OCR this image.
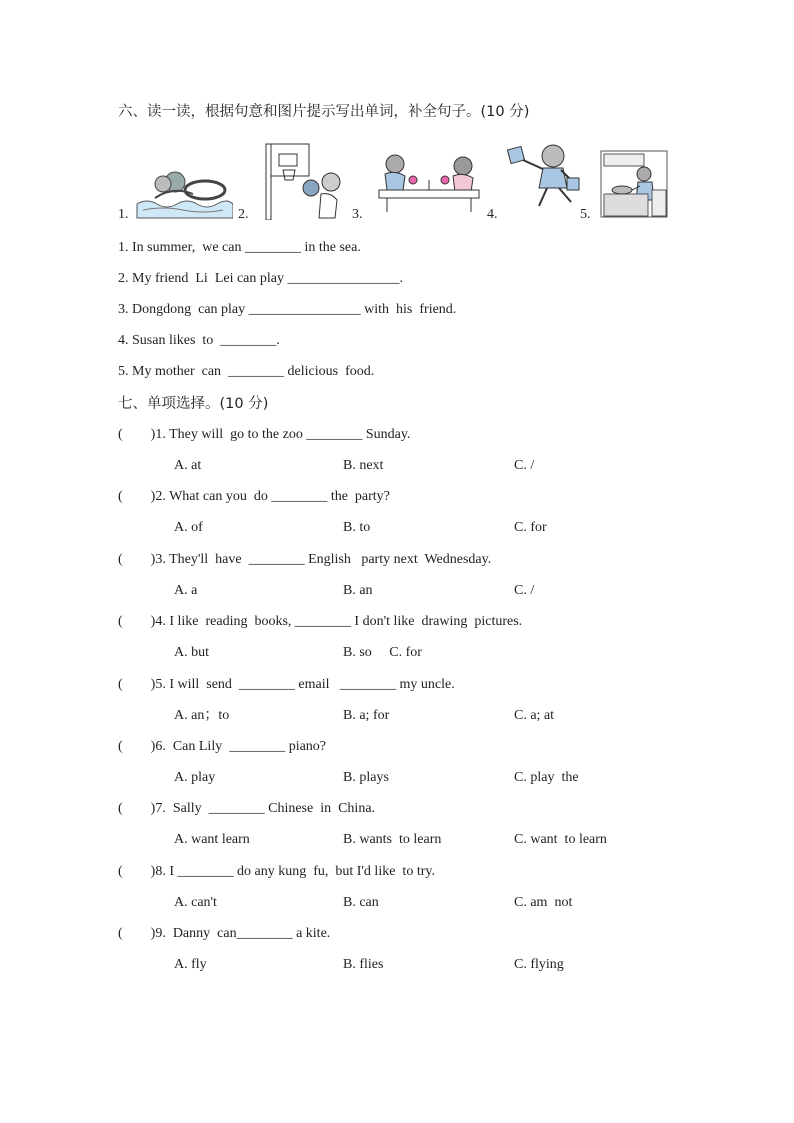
六、读一读，根据句意和图片提示写出单词，补全句子。(10 分)
1.	2.	3.	4.	5.
1. In summer,  we can ________ in the sea.
2. My friend  Li  Lei can play ________________.
3. Dongdong  can play ________________ with  his  friend.
4. Susan likes  to  ________.
5. My mother  can  ________ delicious  food.
七、单项选择。(10 分)
(        )1. They will  go to the zoo ________ Sunday.
A. at	B. next	C. /
(        )2. What can you  do ________ the  party?
A. of	B. to	C. for
(        )3. They'll  have  ________ English   party next  Wednesday.
A. a	B. an	C. /
(        )4. I like  reading  books, ________ I don't like  drawing  pictures.
A. but	B. so     C. for
(        )5. I will  send  ________ email   ________ my uncle.
A. an；to	B. a; for	C. a; at
(        )6.  Can Lily  ________ piano?
A. play	B. plays	C. play  the
(        )7.  Sally  ________ Chinese  in  China.
A. want learn	B. wants  to learn	C. want  to learn
(        )8. I ________ do any kung  fu,  but I'd like  to try.
A. can't	B. can	C. am  not
(        )9.  Danny  can________ a kite.
A. fly	B. flies	C. flying
